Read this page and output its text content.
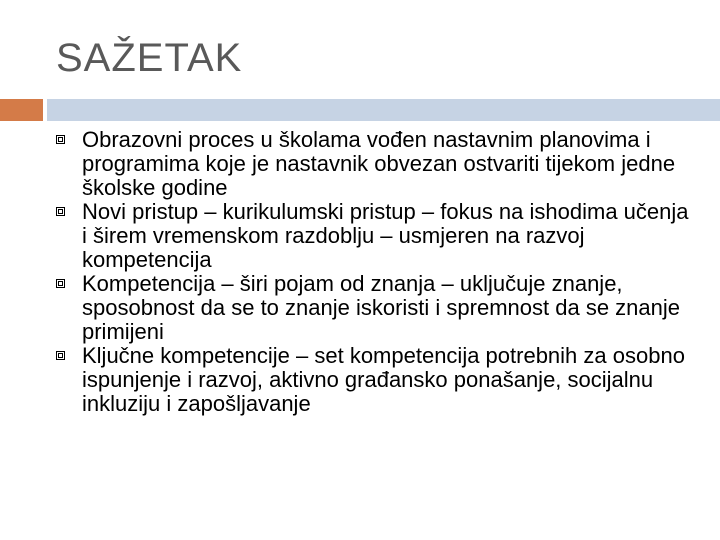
SAŽETAK
Obrazovni proces u školama vođen nastavnim planovima i programima koje je nastavnik obvezan ostvariti tijekom jedne školske godine
Novi pristup – kurikulumski pristup – fokus na ishodima učenja i širem vremenskom razdoblju – usmjeren na razvoj kompetencija
Kompetencija – širi pojam od znanja – uključuje znanje, sposobnost da se to znanje iskoristi i spremnost da se znanje primijeni
Ključne kompetencije – set kompetencija potrebnih za osobno ispunjenje i razvoj, aktivno građansko ponašanje, socijalnu inkluziju i zapošljavanje
